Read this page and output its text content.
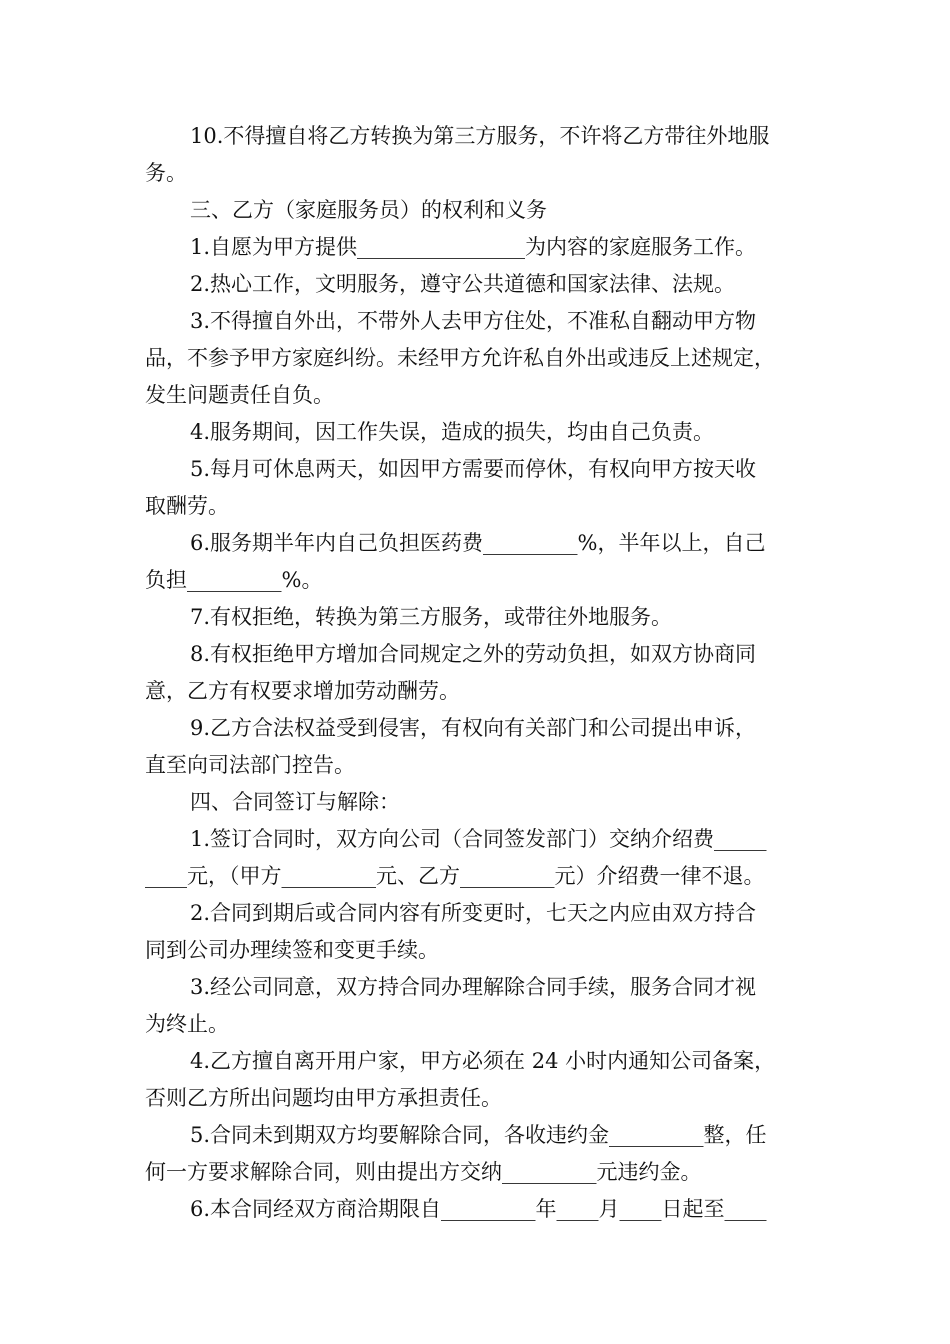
10.不得擅自将乙方转换为第三方服务，不许将乙方带往外地服
务。
三、乙方（家庭服务员）的权利和义务
1.自愿为甲方提供________________为内容的家庭服务工作。
2.热心工作，文明服务，遵守公共道德和国家法律、法规。
3.不得擅自外出，不带外人去甲方住处，不准私自翻动甲方物
品，不参予甲方家庭纠纷。未经甲方允许私自外出或违反上述规定，
发生问题责任自负。
4.服务期间，因工作失误，造成的损失，均由自己负责。
5.每月可休息两天，如因甲方需要而停休，有权向甲方按天收
取酬劳。
6.服务期半年内自己负担医药费_________%，半年以上，自己
负担_________%。
7.有权拒绝，转换为第三方服务，或带往外地服务。
8.有权拒绝甲方增加合同规定之外的劳动负担，如双方协商同
意，乙方有权要求增加劳动酬劳。
9.乙方合法权益受到侵害，有权向有关部门和公司提出申诉，
直至向司法部门控告。
四、合同签订与解除：
1.签订合同时，双方向公司（合同签发部门）交纳介绍费_____
____元，（甲方_________元、乙方_________元）介绍费一律不退。
2.合同到期后或合同内容有所变更时，七天之内应由双方持合
同到公司办理续签和变更手续。
3.经公司同意，双方持合同办理解除合同手续，服务合同才视
为终止。
4.乙方擅自离开用户家，甲方必须在 24 小时内通知公司备案，
否则乙方所出问题均由甲方承担责任。
5.合同未到期双方均要解除合同，各收违约金_________整，任
何一方要求解除合同，则由提出方交纳_________元违约金。
6.本合同经双方商洽期限自_________年____月____日起至____
